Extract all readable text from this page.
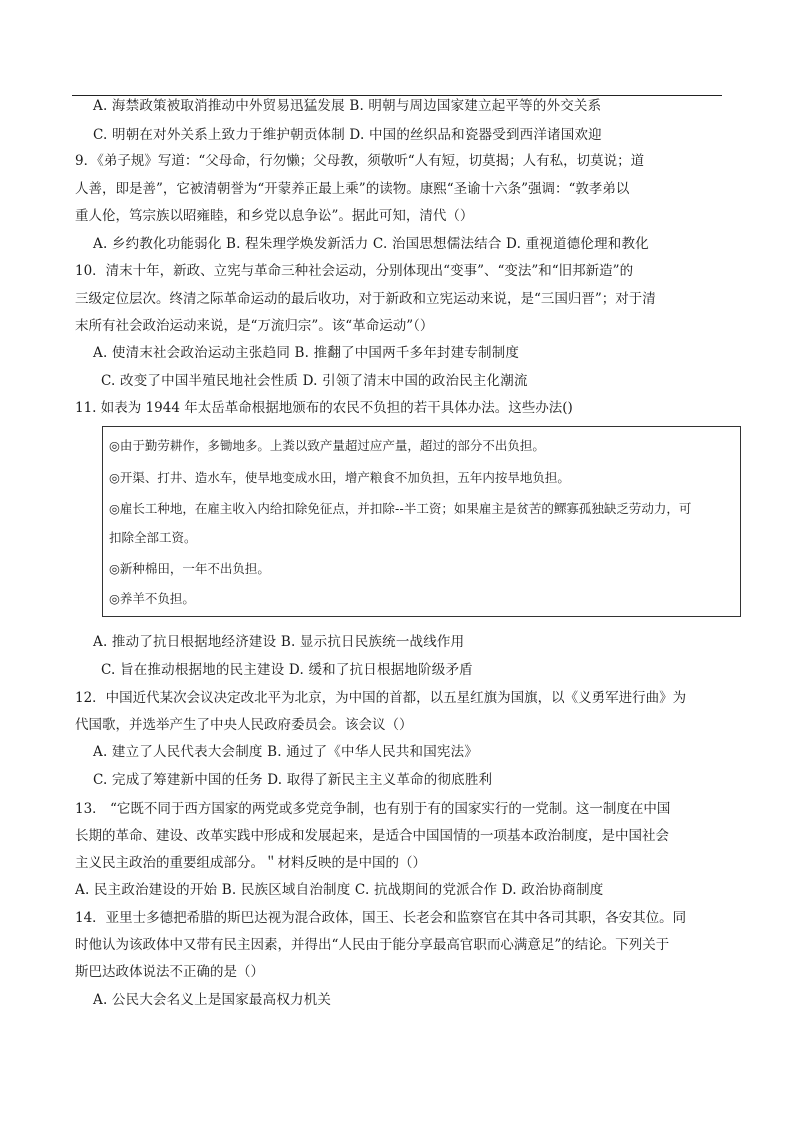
A. 海禁政策被取消推动中外贸易迅猛发展 B. 明朝与周边国家建立起平等的外交关系
C. 明朝在对外关系上致力于维护朝贡体制 D. 中国的丝织品和瓷器受到西洋诸国欢迎
9．《弟子规》写道：“父母命，行勿懒；父母教，须敬听“人有短，切莫揭；人有私，切莫说；道
人善，即是善”，它被清朝誉为“开蒙养正最上乘”的读物。康熙“圣谕十六条”强调：“敦孝弟以
重人伦，笃宗族以昭雍睦，和乡党以息争讼”。据此可知，清代（）
A. 乡约教化功能弱化 B. 程朱理学焕发新活力 C. 治国思想儒法结合 D. 重视道德伦理和教化
10．清末十年，新政、立宪与革命三种社会运动，分别体现出“变事”、“变法”和“旧邦新造”的
三级定位层次。终清之际革命运动的最后收功，对于新政和立宪运动来说，是“三国归晋”；对于清
末所有社会政治运动来说，是“万流归宗”。该“革命运动”（）
A. 使清末社会政治运动主张趋同 B. 推翻了中国两千多年封建专制制度
C. 改变了中国半殖民地社会性质 D. 引领了清末中国的政治民主化潮流
11. 如表为 1944 年太岳革命根据地颁布的农民不负担的若干具体办法。这些办法()
◎由于勤劳耕作，多锄地多。上粪以致产量超过应产量，超过的部分不出负担。
◎开渠、打井、造水车，使旱地变成水田，增产粮食不加负担，五年内按旱地负担。
◎雇长工种地，在雇主收入内给扣除免征点，并扣除--半工资；如果雇主是贫苦的鳏寡孤独缺乏劳动力，可
扣除全部工资。
◎新种棉田，一年不出负担。
◎养羊不负担。
A. 推动了抗日根据地经济建设 B. 显示抗日民族统一战线作用
C. 旨在推动根据地的民主建设 D. 缓和了抗日根据地阶级矛盾
12．中国近代某次会议决定改北平为北京，为中国的首都，以五星红旗为国旗，以《义勇军进行曲》为
代国歌，并选举产生了中央人民政府委员会。该会议（）
A. 建立了人民代表大会制度 B. 通过了《中华人民共和国宪法》
C. 完成了筹建新中国的任务 D. 取得了新民主主义革命的彻底胜利
13． “它既不同于西方国家的两党或多党竞争制，也有别于有的国家实行的一党制。这一制度在中国
长期的革命、建设、改革实践中形成和发展起来，是适合中国国情的一项基本政治制度，是中国社会
主义民主政治的重要组成部分。＂材料反映的是中国的（）
A. 民主政治建设的开始 B. 民族区域自治制度 C. 抗战期间的党派合作 D. 政治协商制度
14．亚里士多德把希腊的斯巴达视为混合政体，国王、长老会和监察官在其中各司其职，各安其位。同
时他认为该政体中又带有民主因素，并得出“人民由于能分享最高官职而心满意足”的结论。下列关于
斯巴达政体说法不正确的是（）
A. 公民大会名义上是国家最高权力机关
